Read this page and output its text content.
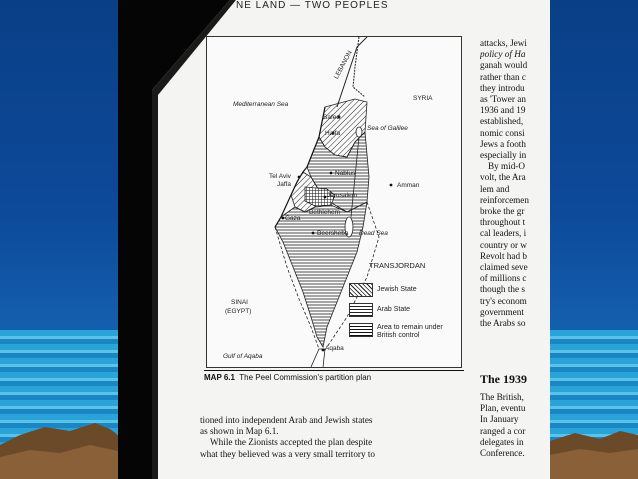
NE LAND — TWO PEOPLES

attacks, Jewi

policy of Ha

ganah would

rather than c

they introdu

as 'Tower an

1936 and 19

established,

nomic consi

Jews a footh

especially in

By mid-O

volt, the Ara

lem and

reinforcemen

broke the gr

throughout t

cal leaders, i

country or w

Revolt had b

claimed seve

of millions c

though the s

try's econom

government

the Arabs so

The 1939

The British,

Plan, eventu

In January

ranged a cor

delegates in

Conference.

LEBANON
SYRIA
Mediterranean Sea
Safed
Haifa
Sea of Galilee
Tel Aviv
Jaffa
Nablus
Amman
Jerusalem
Gaza
Bethlehem
Dead Sea
Beersheba
TRANSJORDAN
SINAI
(EGYPT)
Aqaba
Gulf of Aqaba
Jewish State
Arab State
Area to remain under British control
MAP 6.1 The Peel Commission's partition plan

tioned into independent Arab and Jewish states

as shown in Map 6.1.

While the Zionists accepted the plan despite

what they believed was a very small territory to
